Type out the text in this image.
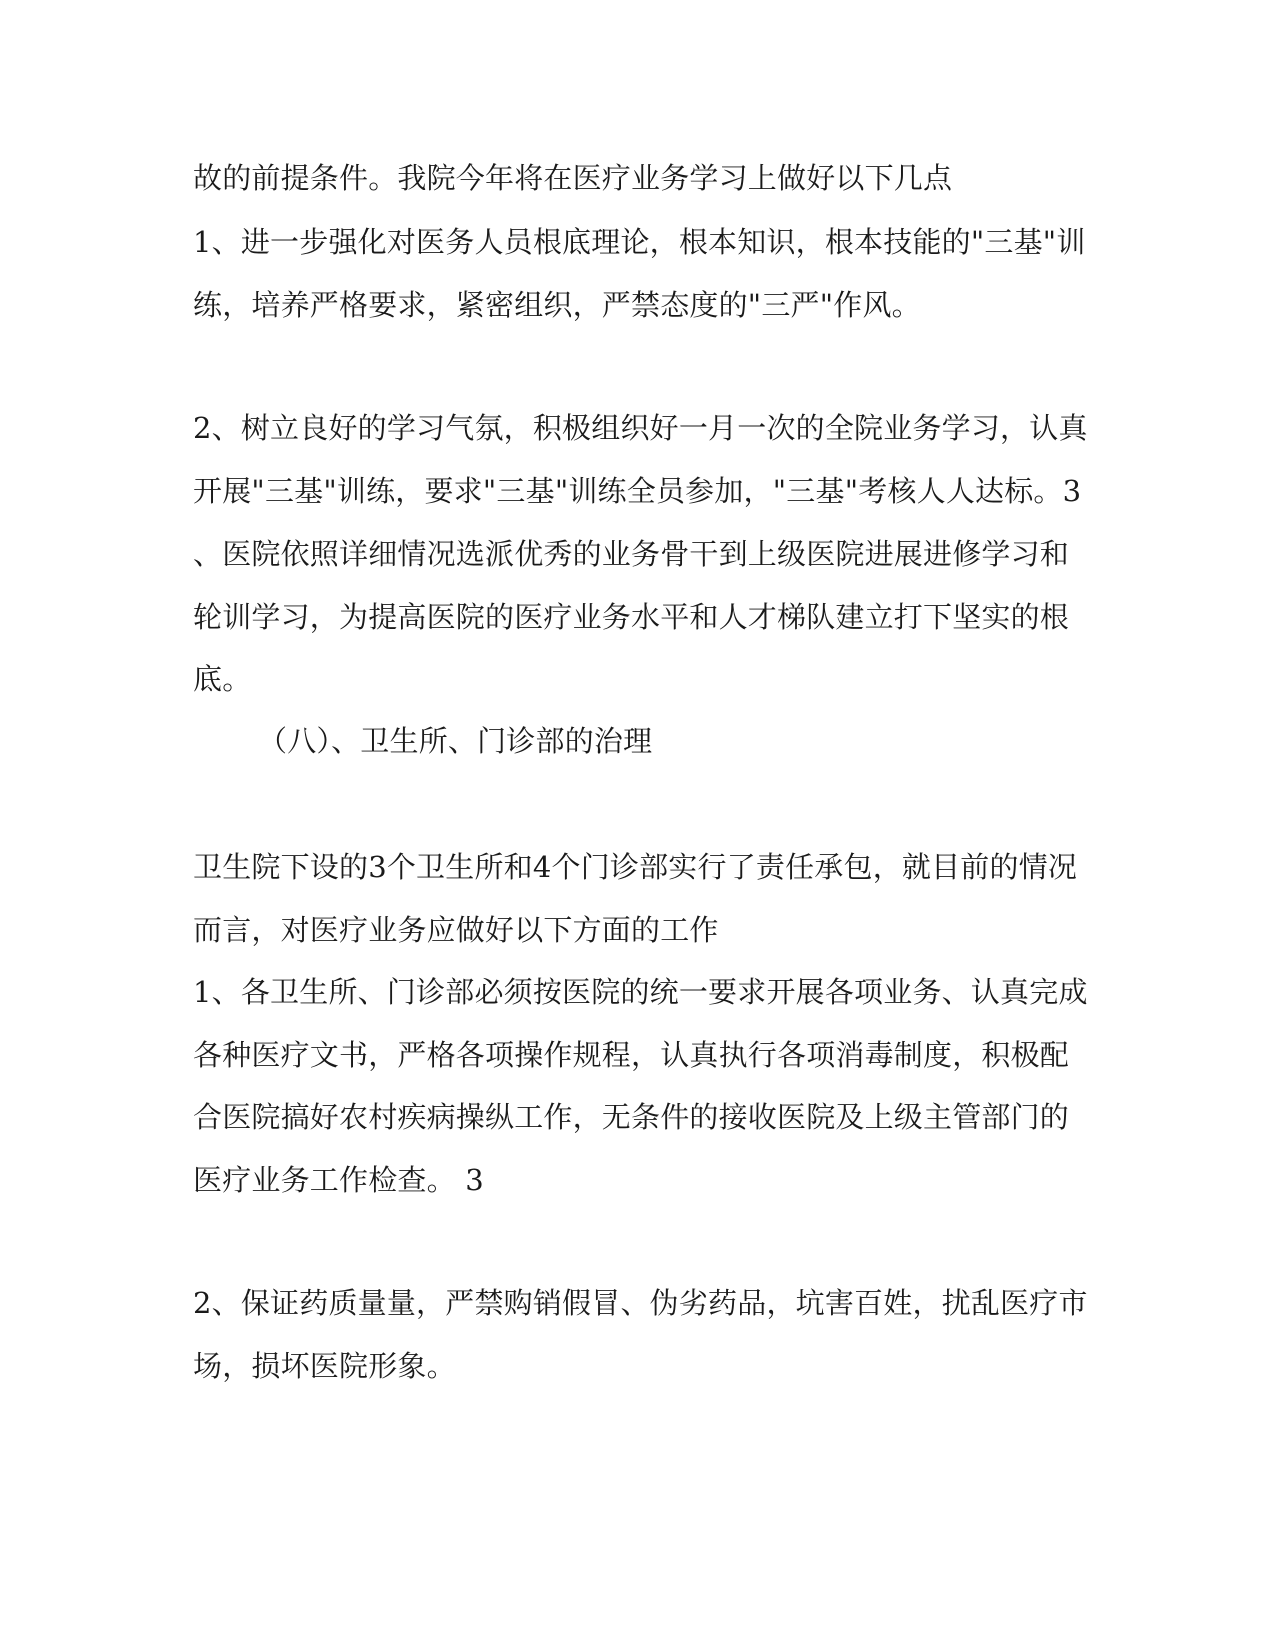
故的前提条件。我院今年将在医疗业务学习上做好以下几点
1、进一步强化对医务人员根底理论，根本知识，根本技能的"三基"训
练，培养严格要求，紧密组织，严禁态度的"三严"作风。
2、树立良好的学习气氛，积极组织好一月一次的全院业务学习，认真
开展"三基"训练，要求"三基"训练全员参加，"三基"考核人人达标。3
、医院依照详细情况选派优秀的业务骨干到上级医院进展进修学习和
轮训学习，为提高医院的医疗业务水平和人才梯队建立打下坚实的根
底。
（八）、卫生所、门诊部的治理
卫生院下设的3个卫生所和4个门诊部实行了责任承包，就目前的情况
而言，对医疗业务应做好以下方面的工作
1、各卫生所、门诊部必须按医院的统一要求开展各项业务、认真完成
各种医疗文书，严格各项操作规程，认真执行各项消毒制度，积极配
合医院搞好农村疾病操纵工作，无条件的接收医院及上级主管部门的
医疗业务工作检查。 3
2、保证药质量量，严禁购销假冒、伪劣药品，坑害百姓，扰乱医疗市
场，损坏医院形象。
